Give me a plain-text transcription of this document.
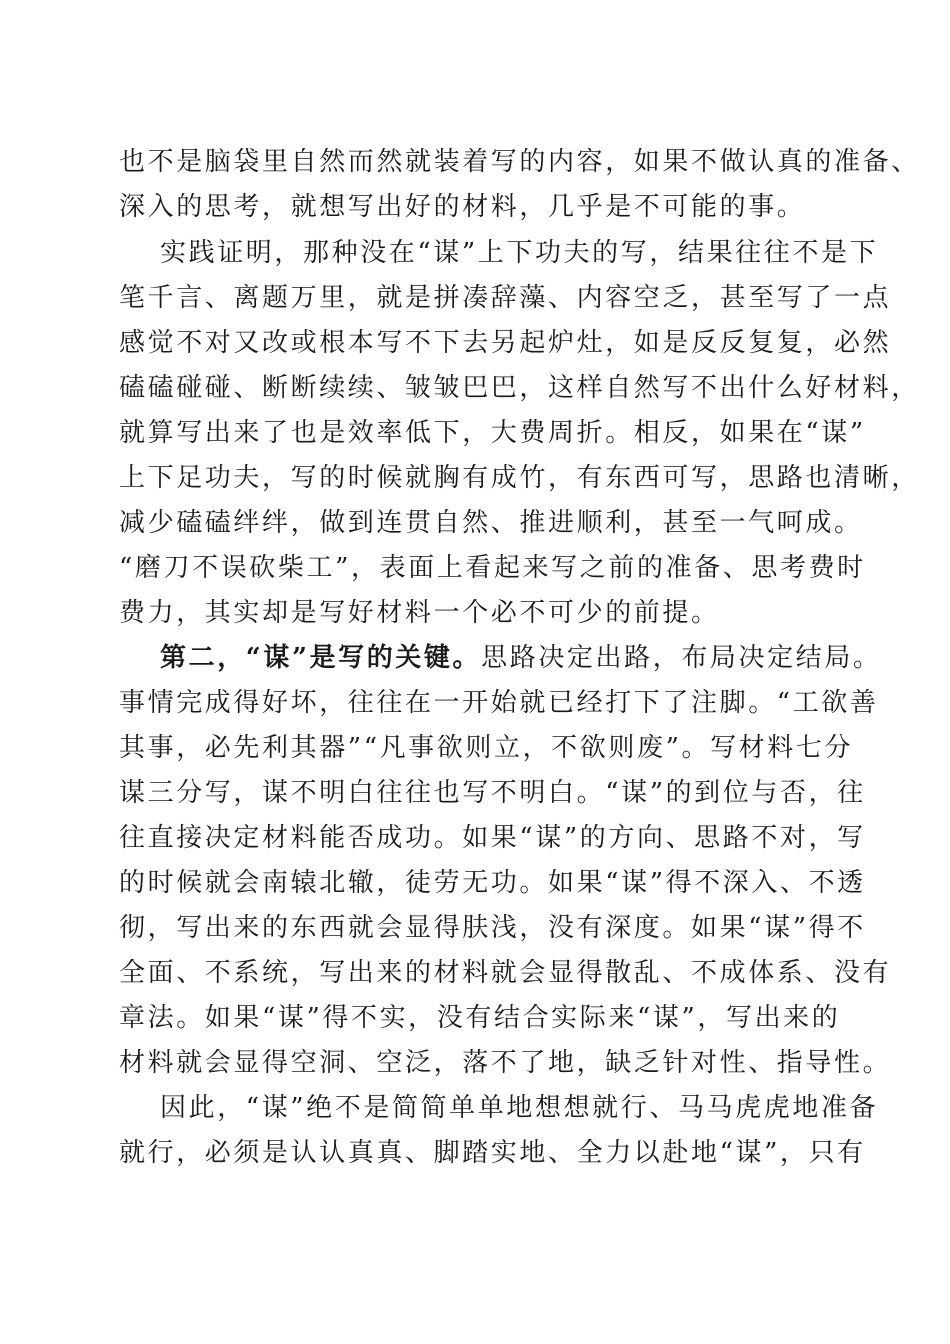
也不是脑袋里自然而然就装着写的内容，如果不做认真的准备、
深入的思考，就想写出好的材料，几乎是不可能的事。
实践证明，那种没在“谋”上下功夫的写，结果往往不是下
笔千言、离题万里，就是拼凑辞藻、内容空乏，甚至写了一点
感觉不对又改或根本写不下去另起炉灶，如是反反复复，必然
磕磕碰碰、断断续续、皱皱巴巴，这样自然写不出什么好材料，
就算写出来了也是效率低下，大费周折。相反，如果在“谋”
上下足功夫，写的时候就胸有成竹，有东西可写，思路也清晰，
减少磕磕绊绊，做到连贯自然、推进顺利，甚至一气呵成。
“磨刀不误砍柴工”，表面上看起来写之前的准备、思考费时
费力，其实却是写好材料一个必不可少的前提。
第二，“谋”是写的关键。思路决定出路，布局决定结局。
事情完成得好坏，往往在一开始就已经打下了注脚。“工欲善
其事，必先利其器”“凡事欲则立，不欲则废”。写材料七分
谋三分写，谋不明白往往也写不明白。“谋”的到位与否，往
往直接决定材料能否成功。如果“谋”的方向、思路不对，写
的时候就会南辕北辙，徒劳无功。如果“谋”得不深入、不透
彻，写出来的东西就会显得肤浅，没有深度。如果“谋”得不
全面、不系统，写出来的材料就会显得散乱、不成体系、没有
章法。如果“谋”得不实，没有结合实际来“谋”，写出来的
材料就会显得空洞、空泛，落不了地，缺乏针对性、指导性。
因此，“谋”绝不是简简单单地想想就行、马马虎虎地准备
就行，必须是认认真真、脚踏实地、全力以赴地“谋”，只有
